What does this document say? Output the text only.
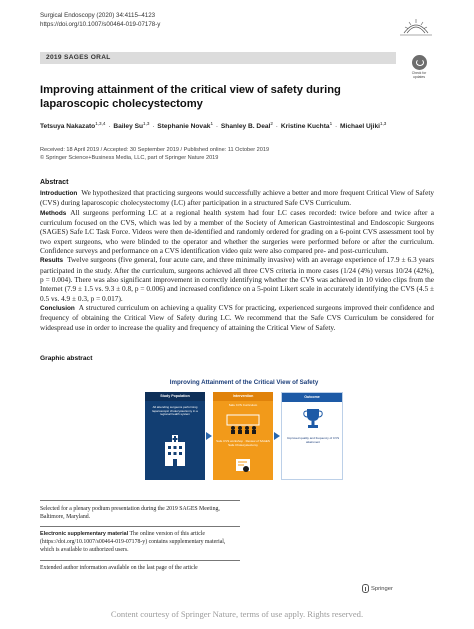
Surgical Endoscopy (2020) 34:4115–4123
https://doi.org/10.1007/s00464-019-07178-y
2019 SAGES ORAL
Check for
updates
Improving attainment of the critical view of safety during laparoscopic cholecystectomy
Tetsuya Nakazato$^{1,3,4}$ · Bailey Su$^{1,3}$ · Stephanie Novak$^1$ · Shanley B. Deal$^2$ · Kristine Kuchta$^1$ · Michael Ujiki$^{1,3}$
Received: 18 April 2019 / Accepted: 30 September 2019 / Published online: 11 October 2019
© Springer Science+Business Media, LLC, part of Springer Nature 2019
Abstract

Introduction We hypothesized that practicing surgeons would successfully achieve a better and more frequent Critical View of Safety (CVS) during laparoscopic cholecystectomy (LC) after participation in a structured Safe CVS Curriculum.

Methods All surgeons performing LC at a regional health system had four LC cases recorded: twice before and twice after a curriculum focused on the CVS, which was led by a member of the Society of American Gastrointestinal and Endoscopic Surgeons (SAGES) Safe LC Task Force. Videos were then de-identified and randomly ordered for grading on a 6-point CVS assessment tool by two expert surgeons, who were blinded to the operator and whether the surgeries were performed before or after the curriculum. Confidence surveys and performance on a CVS identification video quiz were also compared pre- and post-curriculum.

Results Twelve surgeons (five general, four acute care, and three minimally invasive) with an average experience of 17.9 ± 6.3 years participated in the study. After the curriculum, surgeons achieved all three CVS criteria in more cases (1/24 (4%) versus 10/24 (42%), p = 0.004). There was also significant improvement in correctly identifying whether the CVS was achieved in 10 video clips from the Internet (7.9 ± 1.5 vs. 9.3 ± 0.8, p = 0.006) and increased confidence on a 5-point Likert scale in accurately identifying the CVS (4.5 ± 0.5 vs. 4.9 ± 0.3, p = 0.017).

Conclusion A structured curriculum on achieving a quality CVS for practicing, experienced surgeons improved their confidence and frequency of obtaining the Critical View of Safety during LC. We recommend that the Safe CVS Curriculum be considered for widespread use in order to increase the quality and frequency of attaining the Critical View of Safety.

Graphic abstract
Improving Attainment of the Critical View of Safety
Study Population
All attending surgeons performing laparoscopic cholecystectomy in a regional health system
Intervention
Safe CVS Curriculum
Safe CVS workshop · Review of SAGES Safe Cholecystectomy
Outcome
Improved quality and frequency of CVS attainment
Selected for a plenary podium presentation during the 2019 SAGES Meeting, Baltimore, Maryland.
Electronic supplementary material The online version of this article (https://doi.org/10.1007/s00464-019-07178-y) contains supplementary material, which is available to authorized users.
Extended author information available on the last page of the article
Springer
Content courtesy of Springer Nature, terms of use apply. Rights reserved.
